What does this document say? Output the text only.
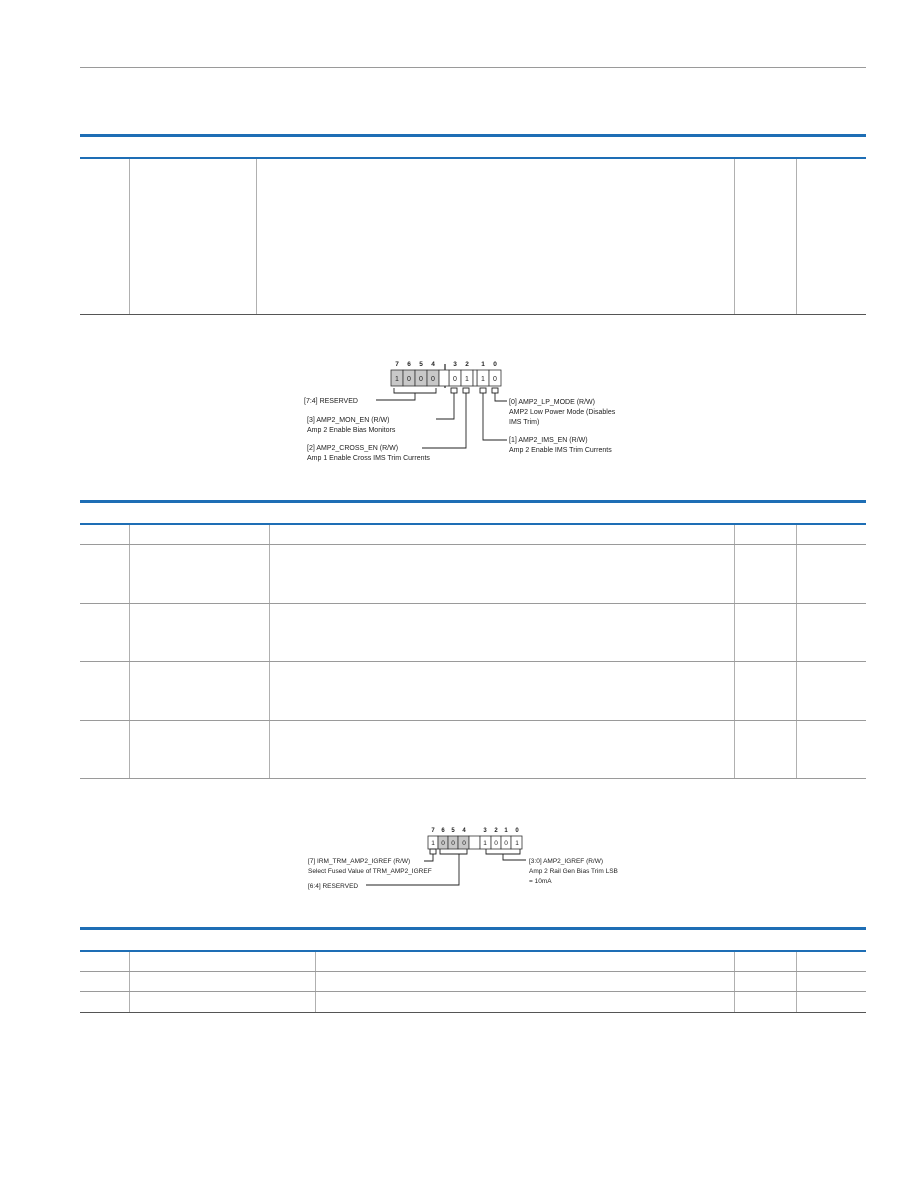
7 6 5 4	3 2 1 0
1 0 0 0	0 1 1 0
[7:4] RESERVED
[3] AMP2_MON_EN (R/W)
Amp 2 Enable Bias Monitors
[2] AMP2_CROSS_EN (R/W)
Amp 1 Enable Cross IMS Trim Currents
[0] AMP2_LP_MODE (R/W)
AMP2 Low Power Mode (Disables
IMS Trim)
[1] AMP2_IMS_EN (R/W)
Amp 2 Enable IMS Trim Currents
7 6 5 4	3 2 1 0
1 0 0 0	1 0 0 1
[7] IRM_TRM_AMP2_IGREF (R/W)
Select Fused Value of TRM_AMP2_IGREF
[6:4] RESERVED
[3:0] AMP2_IGREF (R/W)
Amp 2 Rail Gen Bias Trim LSB
= 10mA
